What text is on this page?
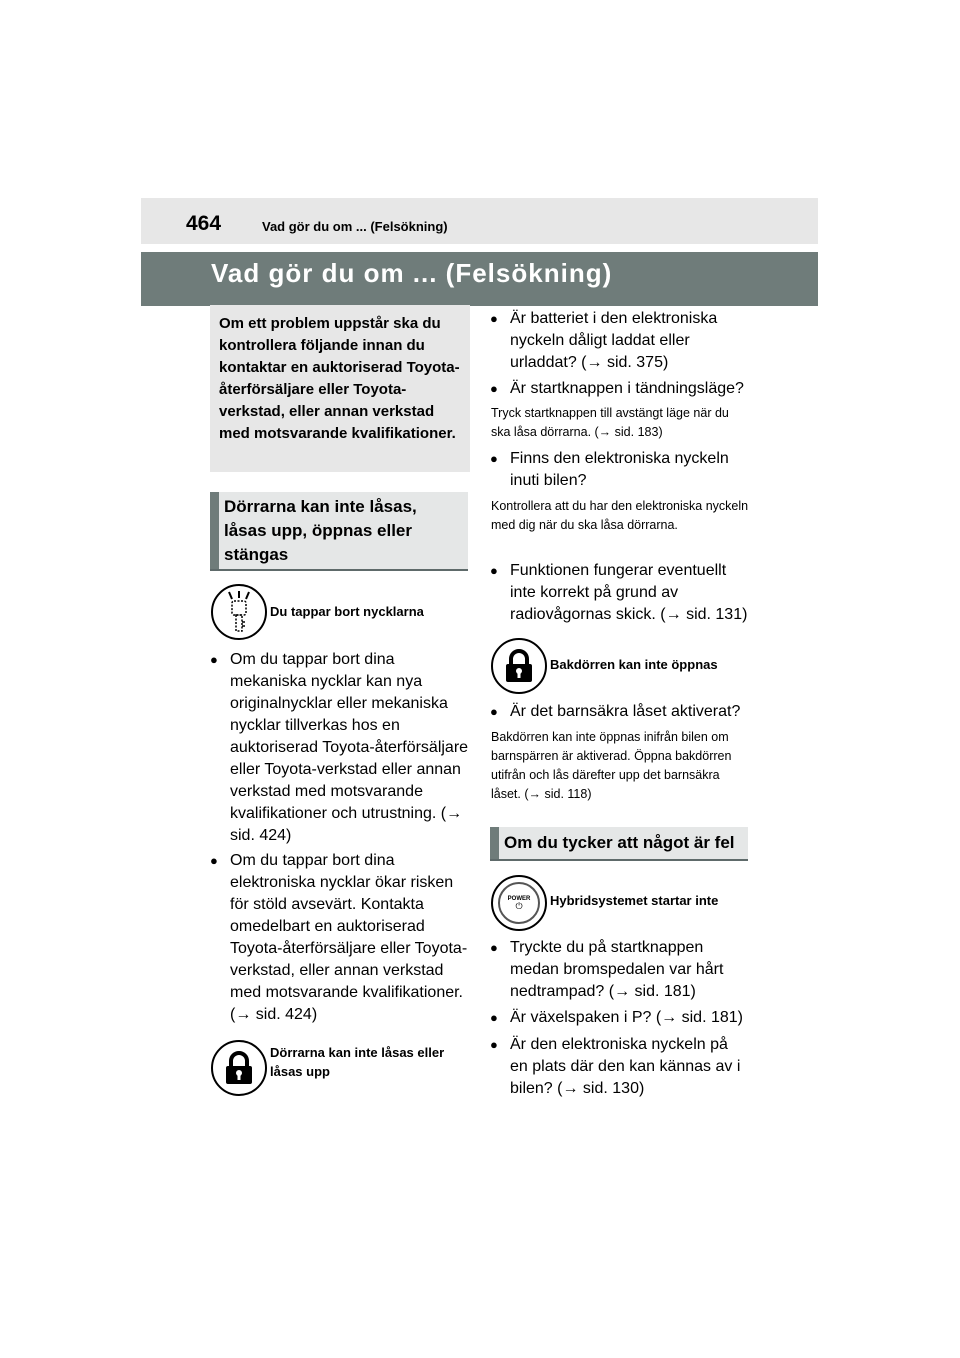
464	Vad gör du om ... (Felsökning)
Vad gör du om ... (Felsökning)
Om ett problem uppstår ska du kontrollera följande innan du kontaktar en auktoriserad Toyota-återförsäljare eller Toyota-verkstad, eller annan verkstad med motsvarande kvalifikationer.
Dörrarna kan inte låsas, låsas upp, öppnas eller stängas
Du tappar bort nycklarna
● Om du tappar bort dina mekaniska nycklar kan nya originalnycklar eller mekaniska nycklar tillverkas hos en auktoriserad Toyota-återförsäljare eller Toyota-verkstad eller annan verkstad med motsvarande kvalifikationer och utrustning. (→ sid. 424)
● Om du tappar bort dina elektroniska nycklar ökar risken för stöld avsevärt. Kontakta omedelbart en auktoriserad Toyota-återförsäljare eller Toyota-verkstad, eller annan verkstad med motsvarande kvalifikationer. (→ sid. 424)
Dörrarna kan inte låsas eller låsas upp
● Är batteriet i den elektroniska nyckeln dåligt laddat eller urladdat? (→ sid. 375)
● Är startknappen i tändningsläge?
Tryck startknappen till avstängt läge när du ska låsa dörrarna. (→ sid. 183)
● Finns den elektroniska nyckeln inuti bilen?
Kontrollera att du har den elektroniska nyckeln med dig när du ska låsa dörrarna.
● Funktionen fungerar eventuellt inte korrekt på grund av radiovågornas skick. (→ sid. 131)
Bakdörren kan inte öppnas
● Är det barnsäkra låset aktiverat?
Bakdörren kan inte öppnas inifrån bilen om barnspärren är aktiverad. Öppna bakdörren utifrån och lås därefter upp det barnsäkra låset. (→ sid. 118)
Om du tycker att något är fel
POWER
⏻ Hybridsystemet startar inte
● Tryckte du på startknappen medan bromspedalen var hårt nedtrampad? (→ sid. 181)
● Är växelspaken i P? (→ sid. 181)
● Är den elektroniska nyckeln på en plats där den kan kännas av i bilen? (→ sid. 130)
